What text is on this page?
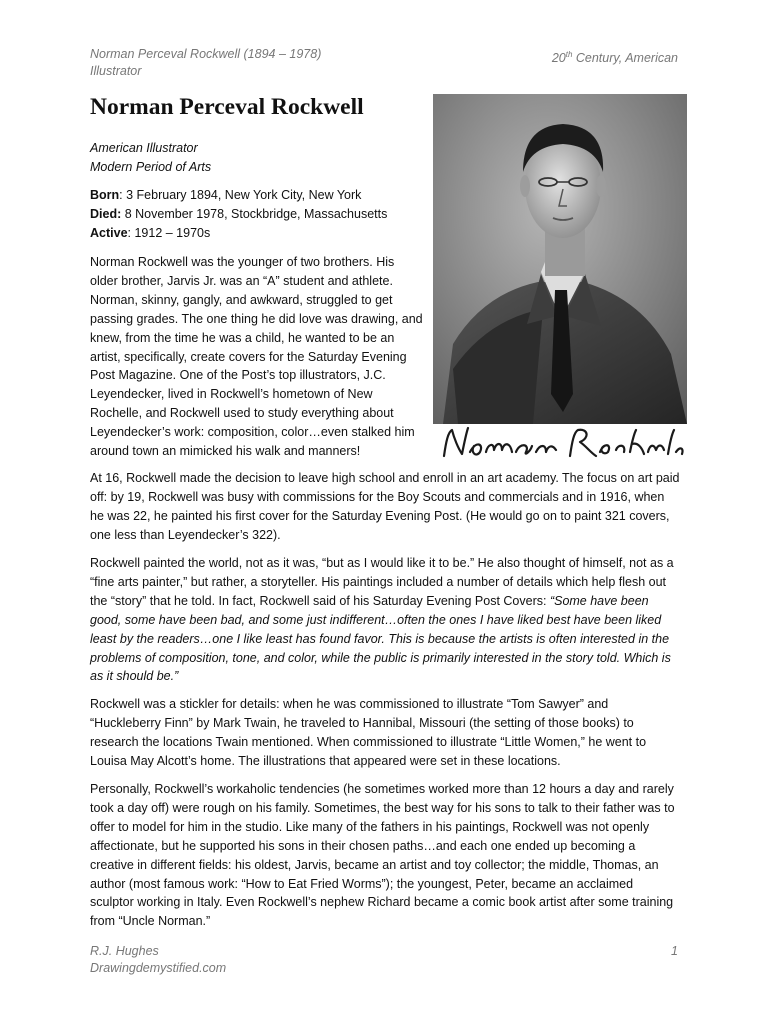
Norman Perceval Rockwell (1894 – 1978)
Illustrator
20th Century, American
Norman Perceval Rockwell
American Illustrator
Modern Period of Arts
Born: 3 February 1894, New York City, New York
Died: 8 November 1978, Stockbridge, Massachusetts
Active: 1912 – 1970s

Norman Rockwell was the younger of two brothers. His older brother, Jarvis Jr. was an “A” student and athlete. Norman, skinny, gangly, and awkward, struggled to get passing grades. The one thing he did love was drawing, and knew, from the time he was a child, he wanted to be an artist, specifically, create covers for the Saturday Evening Post Magazine. One of the Post’s top illustrators, J.C. Leyendecker, lived in Rockwell’s hometown of New Rochelle, and Rockwell used to study everything about Leyendecker’s work: composition, color…even stalked him around town an mimicked his walk and manners!

At 16, Rockwell made the decision to leave high school and enroll in an art academy. The focus on art paid off: by 19, Rockwell was busy with commissions for the Boy Scouts and commercials and in 1916, when he was 22, he painted his first cover for the Saturday Evening Post. (He would go on to paint 321 covers, one less than Leyendecker’s 322).

Rockwell painted the world, not as it was, “but as I would like it to be.” He also thought of himself, not as a “fine arts painter,” but rather, a storyteller. His paintings included a number of details which help flesh out the “story” that he told. In fact, Rockwell said of his Saturday Evening Post Covers: “Some have been good, some have been bad, and some just indifferent…often the ones I have liked best have been liked least by the readers…one I like least has found favor. This is because the artists is often interested in the problems of composition, tone, and color, while the public is primarily interested in the story told. Which is as it should be.”

Rockwell was a stickler for details: when he was commissioned to illustrate “Tom Sawyer” and “Huckleberry Finn” by Mark Twain, he traveled to Hannibal, Missouri (the setting of those books) to research the locations Twain mentioned. When commissioned to illustrate “Little Women,” he went to Louisa May Alcott’s home. The illustrations that appeared were set in these locations.

Personally, Rockwell’s workaholic tendencies (he sometimes worked more than 12 hours a day and rarely took a day off) were rough on his family. Sometimes, the best way for his sons to talk to their father was to offer to model for him in the studio. Like many of the fathers in his paintings, Rockwell was not openly affectionate, but he supported his sons in their chosen paths…and each one ended up becoming a creative in different fields: his oldest, Jarvis, became an artist and toy collector; the middle, Thomas, an author (most famous work: “How to Eat Fried Worms”); the youngest, Peter, became an acclaimed sculptor working in Italy. Even Rockwell’s nephew Richard became a comic book artist after some training from “Uncle Norman.”

R.J. Hughes
Drawingdemystified.com
1
